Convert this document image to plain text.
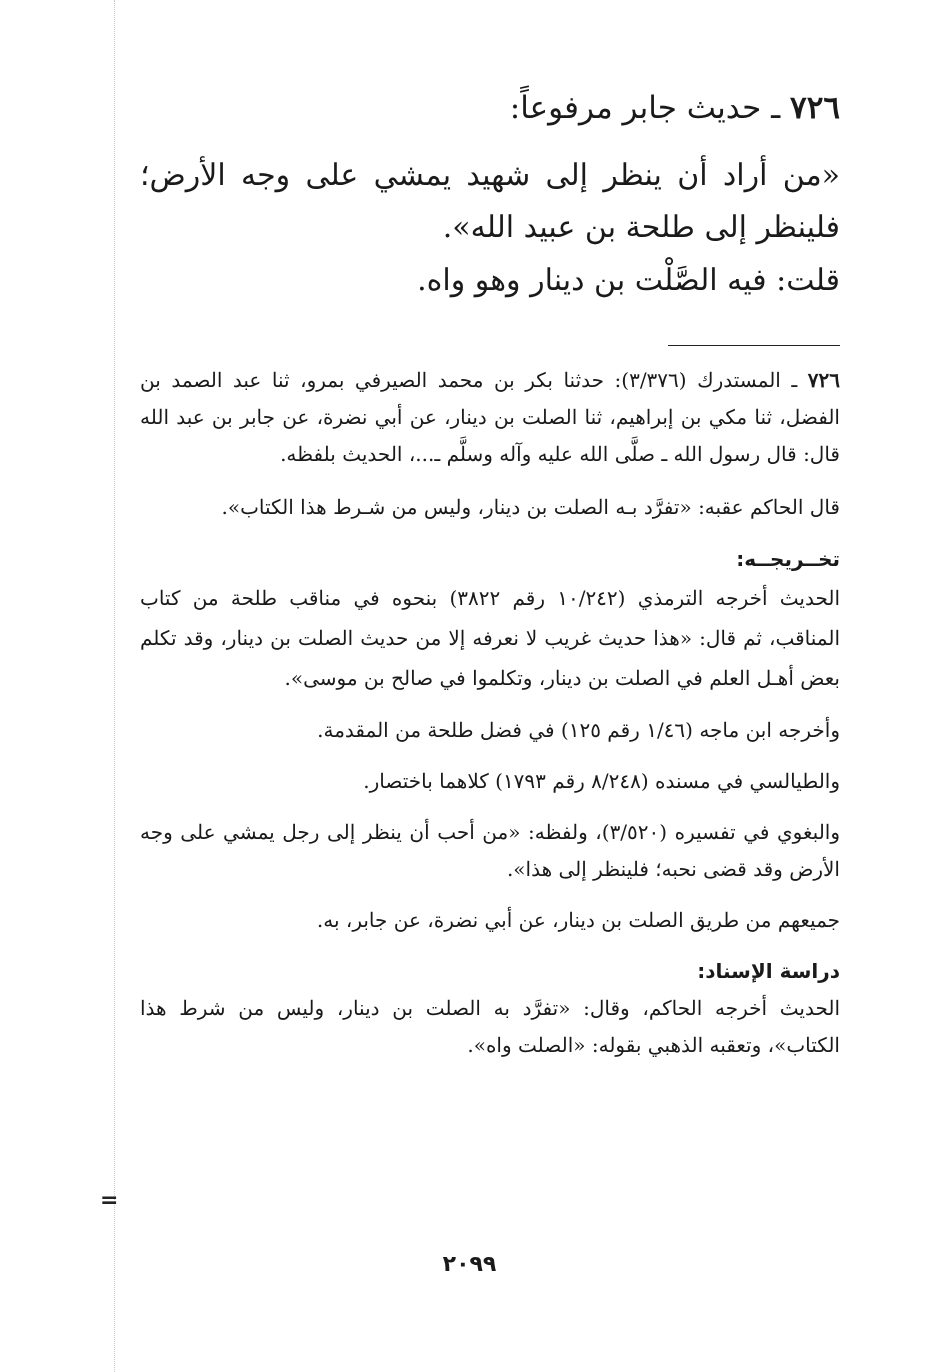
=
٧٢٦ ـ حديث جابر مرفوعاً:
«من أراد أن ينظر إلى شهيد يمشي على وجه الأرض؛ فلينظر إلى طلحة بن عبيد الله».
قلت: فيه الصَّلْت بن دينار وهو واه.

٧٢٦ ـ المستدرك (٣/٣٧٦): حدثنا بكر بن محمد الصيرفي بمرو، ثنا عبد الصمد بن الفضل، ثنا مكي بن إبراهيم، ثنا الصلت بن دينار، عن أبي نضرة، عن جابر بن عبد الله قال: قال رسول الله ـ صلَّى الله عليه وآله وسلَّم ـ...، الحديث بلفظه.

قال الحاكم عقبه: «تفرَّد بـه الصلت بن دينار، وليس من شـرط هذا الكتاب».

تخــريجــه:

الحديث أخرجه الترمذي (١٠/٢٤٢ رقم ٣٨٢٢) بنحوه في مناقب طلحة من كتاب المناقب، ثم قال: «هذا حديث غريب لا نعرفه إلا من حديث الصلت بن دينار، وقد تكلم بعض أهـل العلم في الصلت بن دينار، وتكلموا في صالح بن موسى».

وأخرجه ابن ماجه (١/٤٦ رقم ١٢٥) في فضل طلحة من المقدمة.

والطيالسي في مسنده (٨/٢٤٨ رقم ١٧٩٣) كلاهما باختصار.

والبغوي في تفسيره (٣/٥٢٠)، ولفظه: «من أحب أن ينظر إلى رجل يمشي على وجه الأرض وقد قضى نحبه؛ فلينظر إلى هذا».

جميعهم من طريق الصلت بن دينار، عن أبي نضرة، عن جابر، به.

دراسة الإسناد:

الحديث أخرجه الحاكم، وقال: «تفرَّد به الصلت بن دينار، وليس من شرط هذا الكتاب»، وتعقبه الذهبي بقوله: «الصلت واه».

٢٠٩٩
